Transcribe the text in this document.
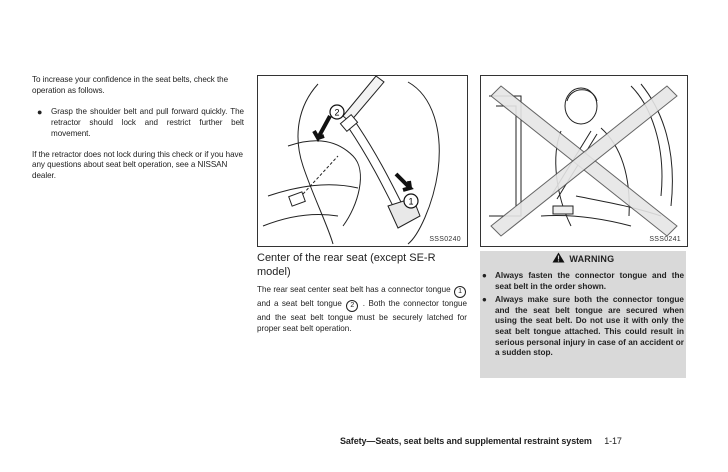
To increase your confidence in the seat belts, check the operation as follows.

●	Grasp the shoulder belt and pull forward quickly. The retractor should lock and restrict further belt movement.

If the retractor does not lock during this check or if you have any questions about seat belt operation, see a NISSAN dealer.

2
1
SSS0240	SSS0241
Center of the rear seat (except SE-R model)
The rear seat center seat belt has a connector tongue 1 and a seat belt tongue 2 . Both the connector tongue and the seat belt tongue must be securely latched for proper seat belt operation.
WARNING
● Always fasten the connector tongue and the seat belt in the order shown.
● Always make sure both the connector tongue and the seat belt tongue are secured when using the seat belt. Do not use it with only the seat belt tongue attached. This could result in serious personal injury in case of an accident or a sudden stop.
Safety—Seats, seat belts and supplemental restraint system 1-17
